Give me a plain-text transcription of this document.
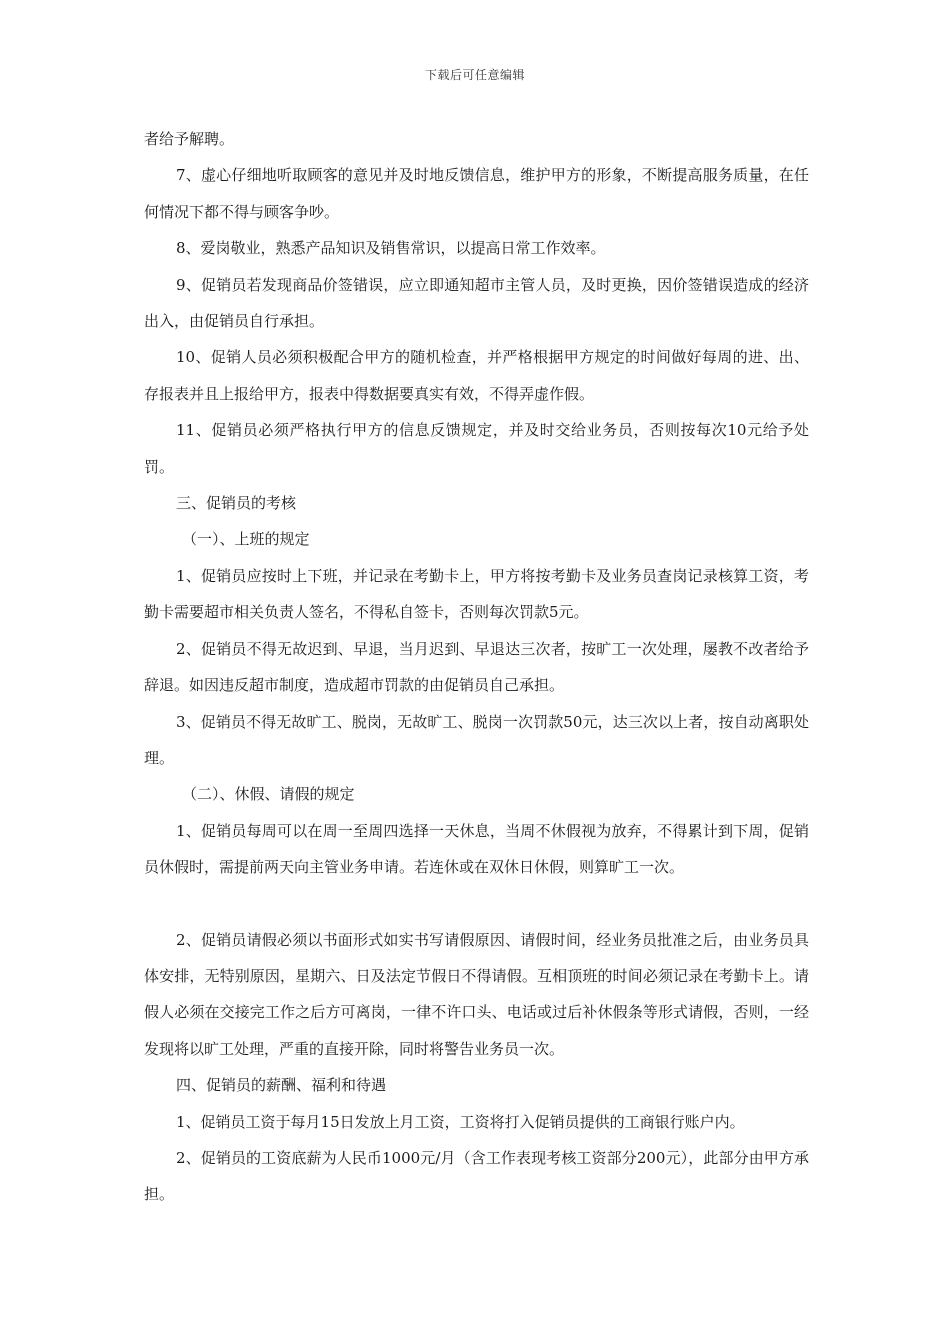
下载后可任意编辑

者给予解聘。

7、虚心仔细地听取顾客的意见并及时地反馈信息，维护甲方的形象，不断提高服务质量，在任何情况下都不得与顾客争吵。

8、爱岗敬业，熟悉产品知识及销售常识，以提高日常工作效率。

9、促销员若发现商品价签错误，应立即通知超市主管人员，及时更换，因价签错误造成的经济出入，由促销员自行承担。

10、促销人员必须积极配合甲方的随机检查，并严格根据甲方规定的时间做好每周的进、出、存报表并且上报给甲方，报表中得数据要真实有效，不得弄虚作假。

11、促销员必须严格执行甲方的信息反馈规定，并及时交给业务员，否则按每次10元给予处罚。

三、促销员的考核

（一）、上班的规定

1、促销员应按时上下班，并记录在考勤卡上，甲方将按考勤卡及业务员查岗记录核算工资，考勤卡需要超市相关负责人签名，不得私自签卡，否则每次罚款5元。

2、促销员不得无故迟到、早退，当月迟到、早退达三次者，按旷工一次处理，屡教不改者给予辞退。如因违反超市制度，造成超市罚款的由促销员自己承担。

3、促销员不得无故旷工、脱岗，无故旷工、脱岗一次罚款50元，达三次以上者，按自动离职处理。

（二）、休假、请假的规定

1、促销员每周可以在周一至周四选择一天休息，当周不休假视为放弃，不得累计到下周，促销员休假时，需提前两天向主管业务申请。若连休或在双休日休假，则算旷工一次。

2、促销员请假必须以书面形式如实书写请假原因、请假时间，经业务员批准之后，由业务员具体安排，无特别原因，星期六、日及法定节假日不得请假。互相顶班的时间必须记录在考勤卡上。请假人必须在交接完工作之后方可离岗，一律不许口头、电话或过后补休假条等形式请假，否则，一经发现将以旷工处理，严重的直接开除，同时将警告业务员一次。

四、促销员的薪酬、福利和待遇

1、促销员工资于每月15日发放上月工资，工资将打入促销员提供的工商银行账户内。

2、促销员的工资底薪为人民币1000元/月（含工作表现考核工资部分200元），此部分由甲方承担。
